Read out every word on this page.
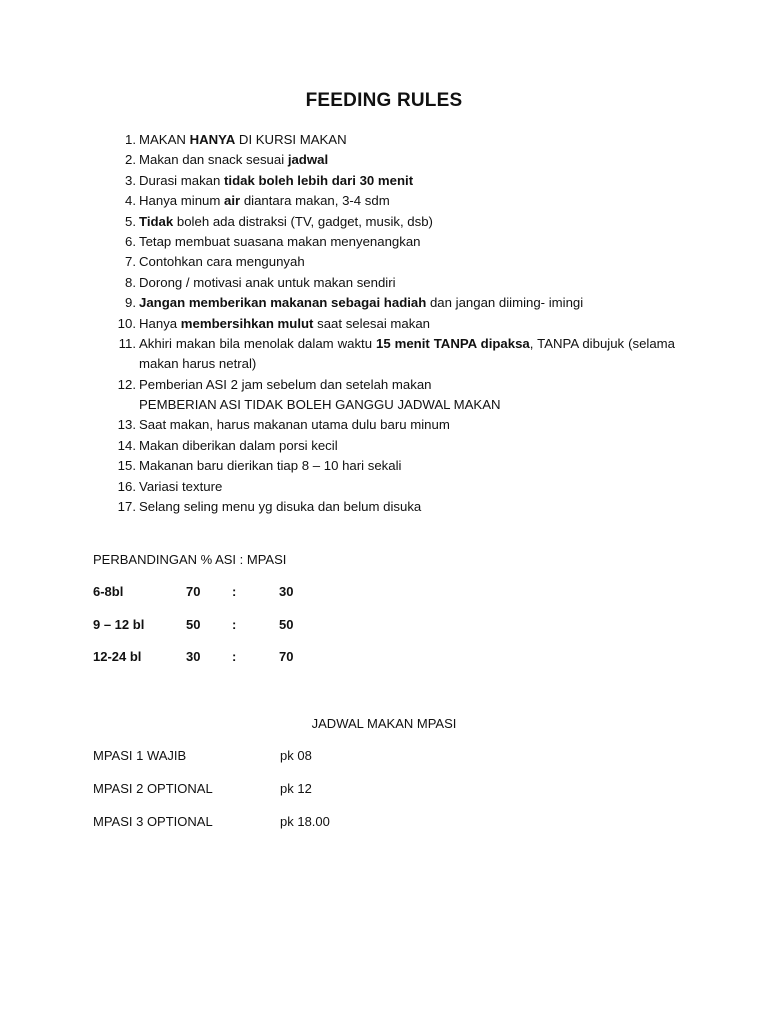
FEEDING RULES
1. MAKAN HANYA DI KURSI MAKAN
2. Makan dan snack sesuai jadwal
3. Durasi makan tidak boleh lebih dari 30 menit
4. Hanya minum air diantara makan, 3-4 sdm
5. Tidak boleh ada distraksi (TV, gadget, musik, dsb)
6. Tetap membuat suasana makan menyenangkan
7. Contohkan cara mengunyah
8. Dorong / motivasi anak untuk makan sendiri
9. Jangan memberikan makanan sebagai hadiah dan jangan diiming- imingi
10. Hanya membersihkan mulut saat selesai makan
11. Akhiri makan bila menolak dalam waktu 15 menit TANPA dipaksa, TANPA dibujuk (selama makan harus netral)
12. Pemberian ASI 2 jam sebelum dan setelah makan
PEMBERIAN ASI TIDAK BOLEH GANGGU JADWAL MAKAN
13. Saat makan, harus makanan utama dulu baru minum
14. Makan diberikan dalam porsi kecil
15. Makanan baru dierikan tiap 8 – 10 hari sekali
16. Variasi texture
17. Selang seling menu yg disuka dan belum disuka
PERBANDINGAN % ASI : MPASI
6-8bl	70 :	30
9 – 12 bl	50 :	50
12-24 bl	30 :	70
JADWAL MAKAN MPASI
MPASI 1 WAJIB	pk 08
MPASI 2 OPTIONAL	pk 12
MPASI 3 OPTIONAL	pk 18.00
